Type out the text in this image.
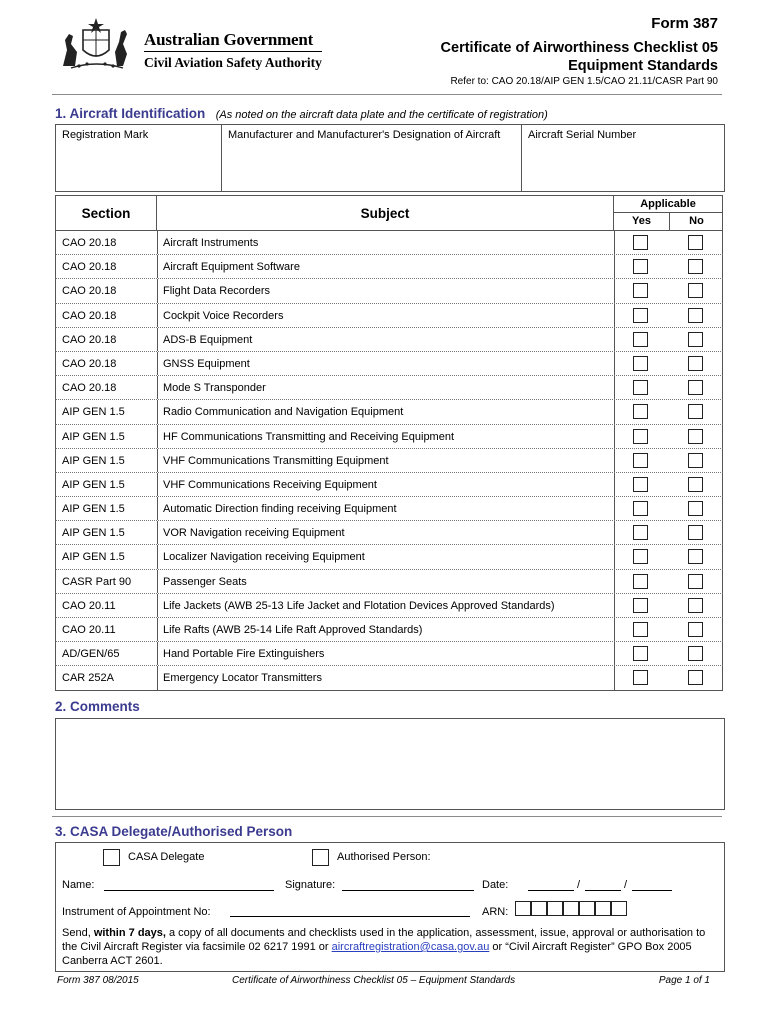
Australian Government
Civil Aviation Safety Authority
Form 387
Certificate of Airworthiness Checklist 05
Equipment Standards
Refer to: CAO 20.18/AIP GEN 1.5/CAO 21.11/CASR Part 90
1. Aircraft Identification (As noted on the aircraft data plate and the certificate of registration)
Registration Mark	Manufacturer and Manufacturer's Designation of Aircraft	Aircraft Serial Number
Section	Subject
Applicable
Yes	No
CAO 20.18	Aircraft Instruments
CAO 20.18	Aircraft Equipment Software
CAO 20.18	Flight Data Recorders
CAO 20.18	Cockpit Voice Recorders
CAO 20.18	ADS-B Equipment
CAO 20.18	GNSS Equipment
CAO 20.18	Mode S Transponder
AIP GEN 1.5	Radio Communication and Navigation Equipment
AIP GEN 1.5	HF Communications Transmitting and Receiving Equipment
AIP GEN 1.5	VHF Communications Transmitting Equipment
AIP GEN 1.5	VHF Communications Receiving Equipment
AIP GEN 1.5	Automatic Direction finding receiving Equipment
AIP GEN 1.5	VOR Navigation receiving Equipment
AIP GEN 1.5	Localizer Navigation receiving Equipment
CASR Part 90	Passenger Seats
CAO 20.11	Life Jackets (AWB 25-13 Life Jacket and Flotation Devices Approved Standards)
CAO 20.11	Life Rafts (AWB 25-14 Life Raft Approved Standards)
AD/GEN/65	Hand Portable Fire Extinguishers
CAR 252A	Emergency Locator Transmitters
2. Comments
3. CASA Delegate/Authorised Person
CASA Delegate	Authorised Person:
Name:	Signature:	Date:	/	/
Instrument of Appointment No:	ARN:
Send, within 7 days, a copy of all documents and checklists used in the application, assessment, issue, approval or authorisation to the Civil Aircraft Register via facsimile 02 6217 1991 or aircraftregistration@casa.gov.au or “Civil Aircraft Register” GPO Box 2005 Canberra ACT 2601.
Form 387 08/2015	Certificate of Airworthiness Checklist 05 – Equipment Standards	Page 1 of 1
